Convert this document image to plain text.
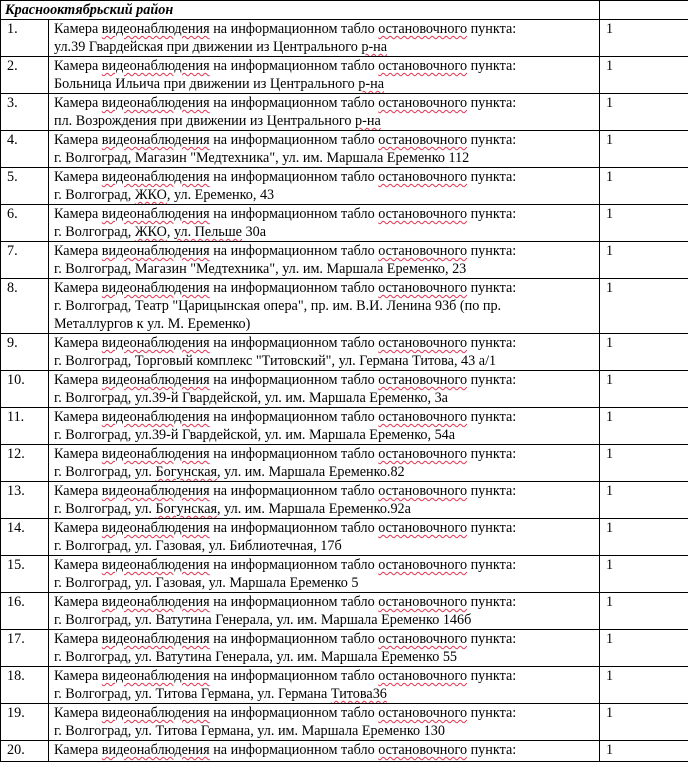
Краснооктябрьский район		
1.	Камера видеонаблюдения на информационном табло остановочного пункта:
ул.39 Гвардейская при движении из Центрального р-на	1
2.	Камера видеонаблюдения на информационном табло остановочного пункта:
Больница Ильича при движении из Центрального р-на	1
3.	Камера видеонаблюдения на информационном табло остановочного пункта:
пл. Возрождения при движении из Центрального р-на	1
4.	Камера видеонаблюдения на информационном табло остановочного пункта:
г. Волгоград, Магазин "Медтехника", ул. им. Маршала Еременко 112	1
5.	Камера видеонаблюдения на информационном табло остановочного пункта:
г. Волгоград, ЖКО, ул. Еременко, 43	1
6.	Камера видеонаблюдения на информационном табло остановочного пункта:
г. Волгоград, ЖКО, ул. Пельше 30а	1
7.	Камера видеонаблюдения на информационном табло остановочного пункта:
г. Волгоград, Магазин "Медтехника", ул. им. Маршала Еременко, 23	1
8.	Камера видеонаблюдения на информационном табло остановочного пункта:
г. Волгоград, Театр "Царицынская опера", пр. им. В.И. Ленина 93б (по пр.
Металлургов к ул. М. Еременко)	1
9.	Камера видеонаблюдения на информационном табло остановочного пункта:
г. Волгоград, Торговый комплекс "Титовский", ул. Германа Титова, 43 а/1	1
10.	Камера видеонаблюдения на информационном табло остановочного пункта:
г. Волгоград, ул.39-й Гвардейской, ул. им. Маршала Еременко, 3а	1
11.	Камера видеонаблюдения на информационном табло остановочного пункта:
г. Волгоград, ул.39-й Гвардейской, ул. им. Маршала Еременко, 54а	1
12.	Камера видеонаблюдения на информационном табло остановочного пункта:
г. Волгоград, ул. Богунская, ул. им. Маршала Еременко.82	1
13.	Камера видеонаблюдения на информационном табло остановочного пункта:
г. Волгоград, ул. Богунская, ул. им. Маршала Еременко.92а	1
14.	Камера видеонаблюдения на информационном табло остановочного пункта:
г. Волгоград, ул. Газовая, ул. Библиотечная, 17б	1
15.	Камера видеонаблюдения на информационном табло остановочного пункта:
г. Волгоград, ул. Газовая, ул. Маршала Еременко 5	1
16.	Камера видеонаблюдения на информационном табло остановочного пункта:
г. Волгоград, ул. Ватутина Генерала, ул. им. Маршала Еременко 146б	1
17.	Камера видеонаблюдения на информационном табло остановочного пункта:
г. Волгоград, ул. Ватутина Генерала, ул. им. Маршала Еременко 55	1
18.	Камера видеонаблюдения на информационном табло остановочного пункта:
г. Волгоград, ул. Титова Германа, ул. Германа Титова36	1
19.	Камера видеонаблюдения на информационном табло остановочного пункта:
г. Волгоград, ул. Титова Германа, ул. им. Маршала Еременко 130	1
20.	Камера видеонаблюдения на информационном табло остановочного пункта:	1
